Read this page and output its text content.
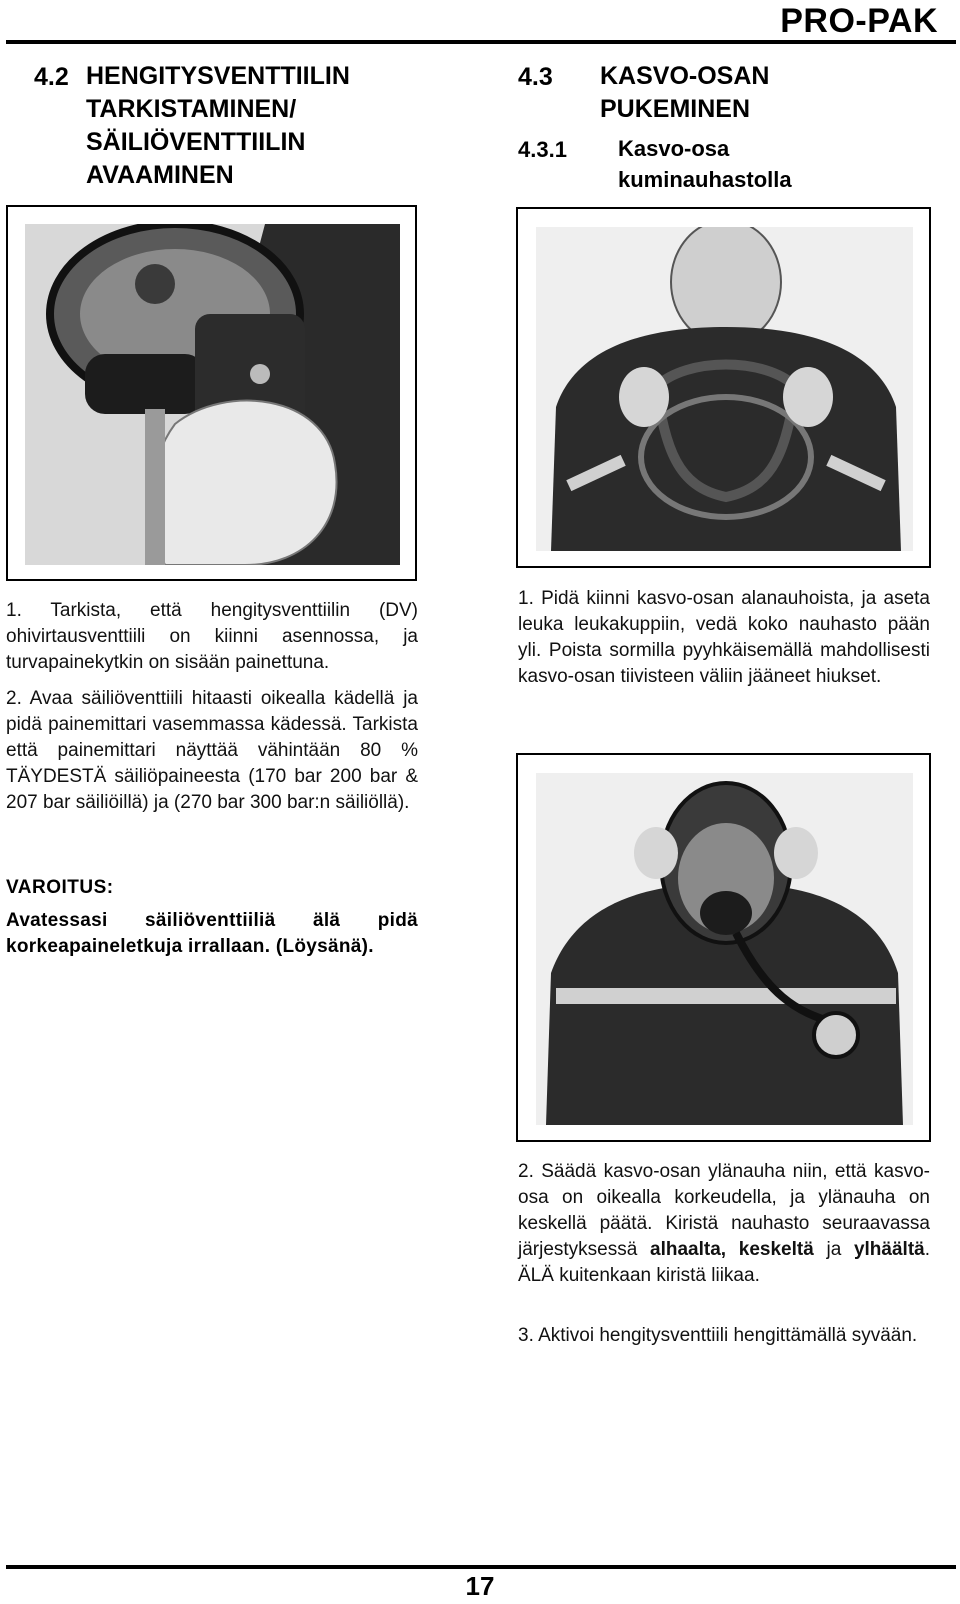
PRO-PAK
4.2 HENGITYSVENTTIILIN
TARKISTAMINEN/
SÄILIÖVENTTIILIN
AVAAMINEN
4.3 KASVO-OSAN
PUKEMINEN
4.3.1 Kasvo-osa
kuminauhastolla

1. Tarkista, että hengitysventtiilin (DV) ohivirtausventtiili on kiinni asennossa, ja turvapainekytkin on sisään painettuna.

2. Avaa säiliöventtiili hitaasti oikealla kädellä ja pidä painemittari vasemmassa kädessä. Tarkista että painemittari näyttää vähintään 80 % TÄYDESTÄ säiliöpaineesta (170 bar 200 bar & 207 bar säiliöillä) ja (270 bar 300 bar:n säiliöllä).

VAROITUS:
Avatessasi säiliöventtiiliä älä pidä korkeapaineletkuja irrallaan. (Löysänä).
1. Pidä kiinni kasvo-osan alanauhoista, ja aseta leuka leukakuppiin, vedä koko nauhasto pään yli. Poista sormilla pyyhkäisemällä mahdollisesti kasvo-osan tiivisteen väliin jääneet hiukset.
2. Säädä kasvo-osan ylänauha niin, että kasvo-osa on oikealla korkeudella, ja ylänauha on keskellä päätä. Kiristä nauhasto seuraavassa järjestyksessä alhaalta, keskeltä ja ylhäältä. ÄLÄ kuitenkaan kiristä liikaa.
3. Aktivoi hengitysventtiili hengittämällä syvään.
17
